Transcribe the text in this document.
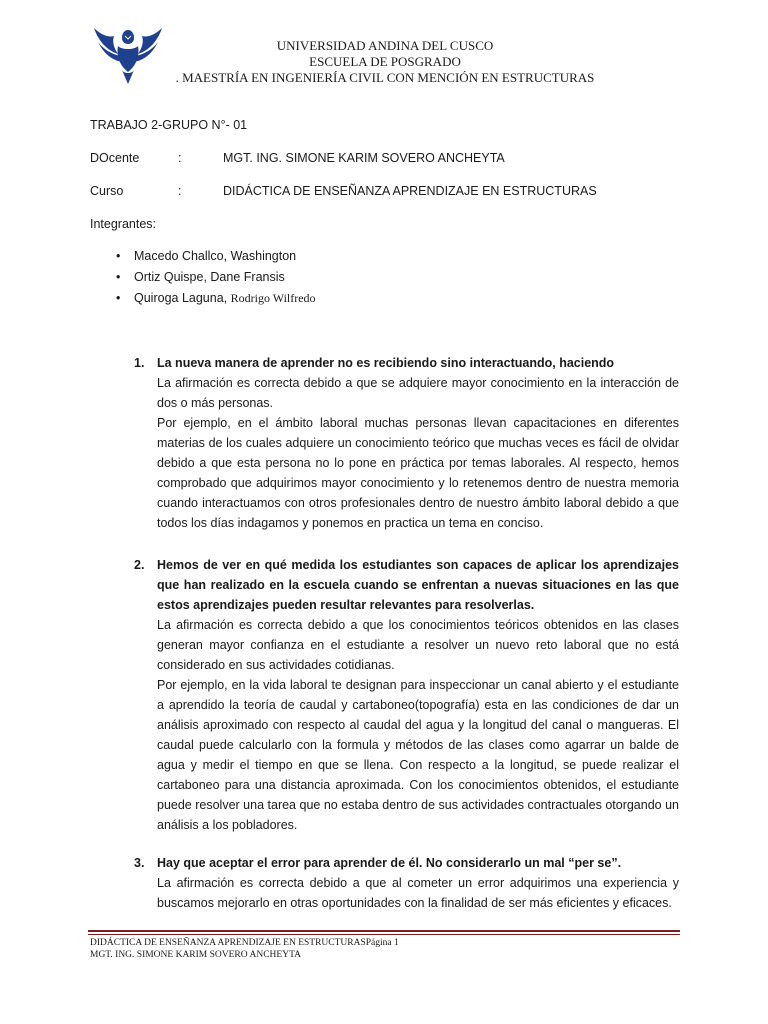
UNIVERSIDAD ANDINA DEL CUSCO
ESCUELA DE POSGRADO
. MAESTRÍA EN INGENIERÍA CIVIL CON MENCIÓN EN ESTRUCTURAS
TRABAJO 2-GRUPO N°- 01
DOcente	:	MGT. ING. SIMONE KARIM SOVERO ANCHEYTA
Curso	:	DIDÁCTICA DE ENSEÑANZA APRENDIZAJE EN ESTRUCTURAS
Integrantes:
• Macedo Challco, Washington
• Ortiz Quispe, Dane Fransis
• Quiroga Laguna, Rodrigo Wilfredo
1. La nueva manera de aprender no es recibiendo sino interactuando, haciendo

La afirmación es correcta debido a que se adquiere mayor conocimiento en la interacción de dos o más personas.

Por ejemplo, en el ámbito laboral muchas personas llevan capacitaciones en diferentes materias de los cuales adquiere un conocimiento teórico que muchas veces es fácil de olvidar debido a que esta persona no lo pone en práctica por temas laborales. Al respecto, hemos comprobado que adquirimos mayor conocimiento y lo retenemos dentro de nuestra memoria cuando interactuamos con otros profesionales dentro de nuestro ámbito laboral debido a que todos los días indagamos y ponemos en practica un tema en conciso.

2. Hemos de ver en qué medida los estudiantes son capaces de aplicar los aprendizajes que han realizado en la escuela cuando se enfrentan a nuevas situaciones en las que estos aprendizajes pueden resultar relevantes para resolverlas.

La afirmación es correcta debido a que los conocimientos teóricos obtenidos en las clases generan mayor confianza en el estudiante a resolver un nuevo reto laboral que no está considerado en sus actividades cotidianas.

Por ejemplo, en la vida laboral te designan para inspeccionar un canal abierto y el estudiante a aprendido la teoría de caudal y cartaboneo(topografía) esta en las condiciones de dar un análisis aproximado con respecto al caudal del agua y la longitud del canal o mangueras. El caudal puede calcularlo con la formula y métodos de las clases como agarrar un balde de agua y medir el tiempo en que se llena. Con respecto a la longitud, se puede realizar el cartaboneo para una distancia aproximada. Con los conocimientos obtenidos, el estudiante puede resolver una tarea que no estaba dentro de sus actividades contractuales otorgando un análisis a los pobladores.

3. Hay que aceptar el error para aprender de él. No considerarlo un mal “per se”.

La afirmación es correcta debido a que al cometer un error adquirimos una experiencia y buscamos mejorarlo en otras oportunidades con la finalidad de ser más eficientes y eficaces.

DIDÁCTICA DE ENSEÑANZA APRENDIZAJE EN ESTRUCTURASPágina 1
MGT. ING. SIMONE KARIM SOVERO ANCHEYTA
